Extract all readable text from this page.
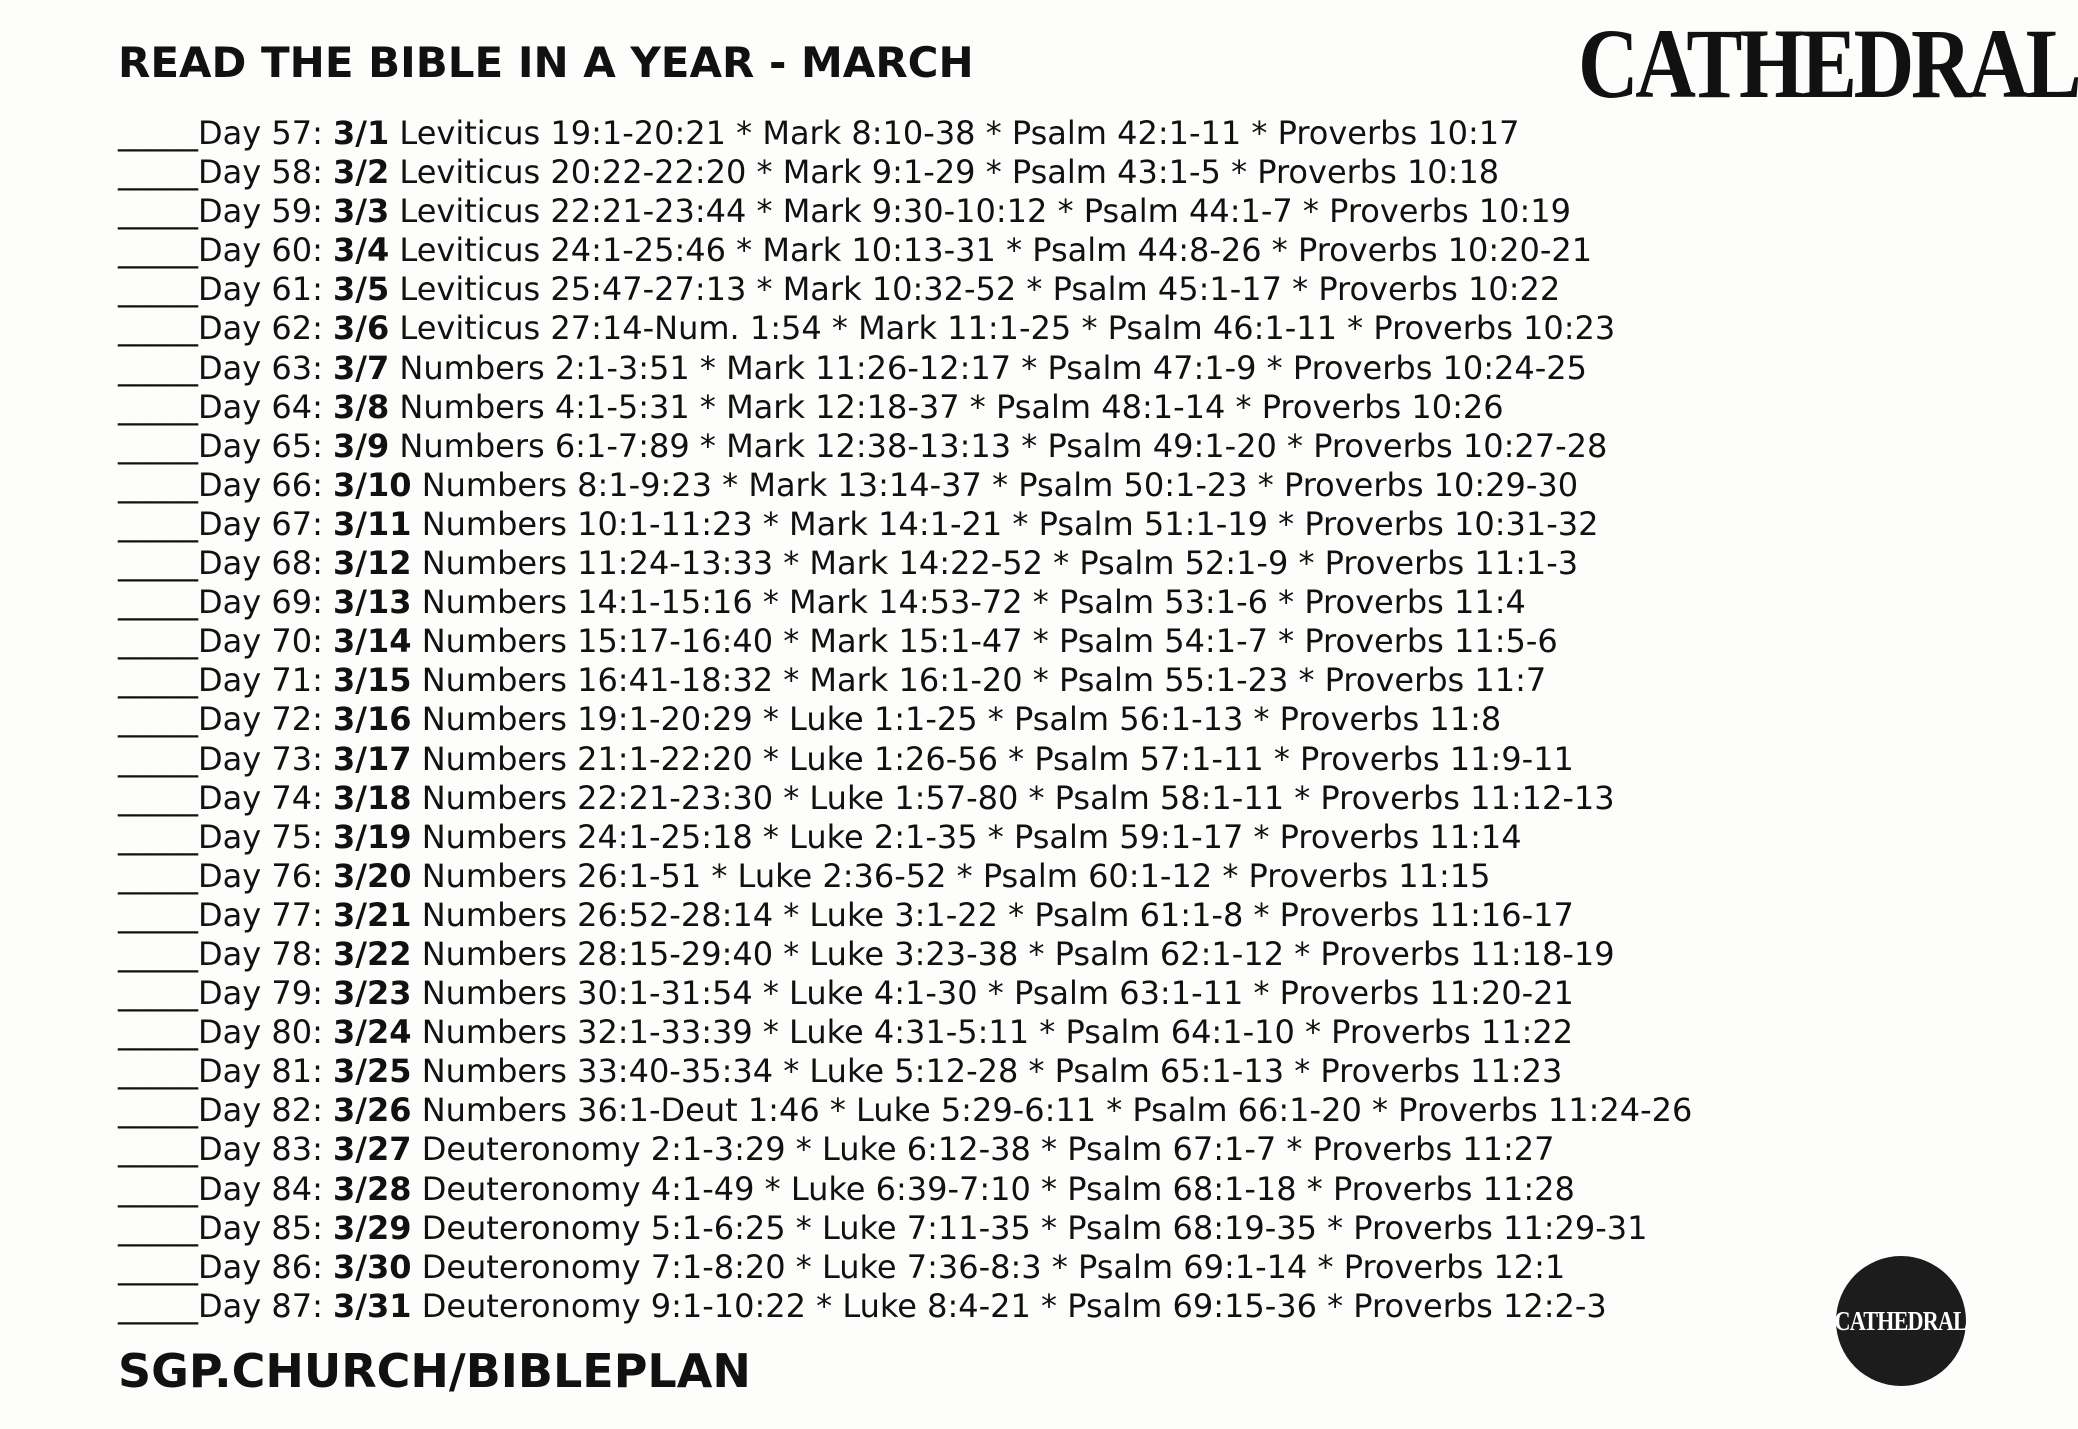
READ THE BIBLE IN A YEAR - MARCH	CATHEDRAL
_____Day 57: 3/1 Leviticus 19:1-20:21 * Mark 8:10-38 * Psalm 42:1-11 * Proverbs 10:17
_____Day 58: 3/2 Leviticus 20:22-22:20 * Mark 9:1-29 * Psalm 43:1-5 * Proverbs 10:18
_____Day 59: 3/3 Leviticus 22:21-23:44 * Mark 9:30-10:12 * Psalm 44:1-7 * Proverbs 10:19
_____Day 60: 3/4 Leviticus 24:1-25:46 * Mark 10:13-31 * Psalm 44:8-26 * Proverbs 10:20-21
_____Day 61: 3/5 Leviticus 25:47-27:13 * Mark 10:32-52 * Psalm 45:1-17 * Proverbs 10:22
_____Day 62: 3/6 Leviticus 27:14-Num. 1:54 * Mark 11:1-25 * Psalm 46:1-11 * Proverbs 10:23
_____Day 63: 3/7 Numbers 2:1-3:51 * Mark 11:26-12:17 * Psalm 47:1-9 * Proverbs 10:24-25
_____Day 64: 3/8 Numbers 4:1-5:31 * Mark 12:18-37 * Psalm 48:1-14 * Proverbs 10:26
_____Day 65: 3/9 Numbers 6:1-7:89 * Mark 12:38-13:13 * Psalm 49:1-20 * Proverbs 10:27-28
_____Day 66: 3/10 Numbers 8:1-9:23 * Mark 13:14-37 * Psalm 50:1-23 * Proverbs 10:29-30
_____Day 67: 3/11 Numbers 10:1-11:23 * Mark 14:1-21 * Psalm 51:1-19 * Proverbs 10:31-32
_____Day 68: 3/12 Numbers 11:24-13:33 * Mark 14:22-52 * Psalm 52:1-9 * Proverbs 11:1-3
_____Day 69: 3/13 Numbers 14:1-15:16 * Mark 14:53-72 * Psalm 53:1-6 * Proverbs 11:4
_____Day 70: 3/14 Numbers 15:17-16:40 * Mark 15:1-47 * Psalm 54:1-7 * Proverbs 11:5-6
_____Day 71: 3/15 Numbers 16:41-18:32 * Mark 16:1-20 * Psalm 55:1-23 * Proverbs 11:7
_____Day 72: 3/16 Numbers 19:1-20:29 * Luke 1:1-25 * Psalm 56:1-13 * Proverbs 11:8
_____Day 73: 3/17 Numbers 21:1-22:20 * Luke 1:26-56 * Psalm 57:1-11 * Proverbs 11:9-11
_____Day 74: 3/18 Numbers 22:21-23:30 * Luke 1:57-80 * Psalm 58:1-11 * Proverbs 11:12-13
_____Day 75: 3/19 Numbers 24:1-25:18 * Luke 2:1-35 * Psalm 59:1-17 * Proverbs 11:14
_____Day 76: 3/20 Numbers 26:1-51 * Luke 2:36-52 * Psalm 60:1-12 * Proverbs 11:15
_____Day 77: 3/21 Numbers 26:52-28:14 * Luke 3:1-22 * Psalm 61:1-8 * Proverbs 11:16-17
_____Day 78: 3/22 Numbers 28:15-29:40 * Luke 3:23-38 * Psalm 62:1-12 * Proverbs 11:18-19
_____Day 79: 3/23 Numbers 30:1-31:54 * Luke 4:1-30 * Psalm 63:1-11 * Proverbs 11:20-21
_____Day 80: 3/24 Numbers 32:1-33:39 * Luke 4:31-5:11 * Psalm 64:1-10 * Proverbs 11:22
_____Day 81: 3/25 Numbers 33:40-35:34 * Luke 5:12-28 * Psalm 65:1-13 * Proverbs 11:23
_____Day 82: 3/26 Numbers 36:1-Deut 1:46 * Luke 5:29-6:11 * Psalm 66:1-20 * Proverbs 11:24-26
_____Day 83: 3/27 Deuteronomy 2:1-3:29 * Luke 6:12-38 * Psalm 67:1-7 * Proverbs 11:27
_____Day 84: 3/28 Deuteronomy 4:1-49 * Luke 6:39-7:10 * Psalm 68:1-18 * Proverbs 11:28
_____Day 85: 3/29 Deuteronomy 5:1-6:25 * Luke 7:11-35 * Psalm 68:19-35 * Proverbs 11:29-31
_____Day 86: 3/30 Deuteronomy 7:1-8:20 * Luke 7:36-8:3 * Psalm 69:1-14 * Proverbs 12:1
_____Day 87: 3/31 Deuteronomy 9:1-10:22 * Luke 8:4-21 * Psalm 69:15-36 * Proverbs 12:2-3
SGP.CHURCH/BIBLEPLAN
CATHEDRAL
